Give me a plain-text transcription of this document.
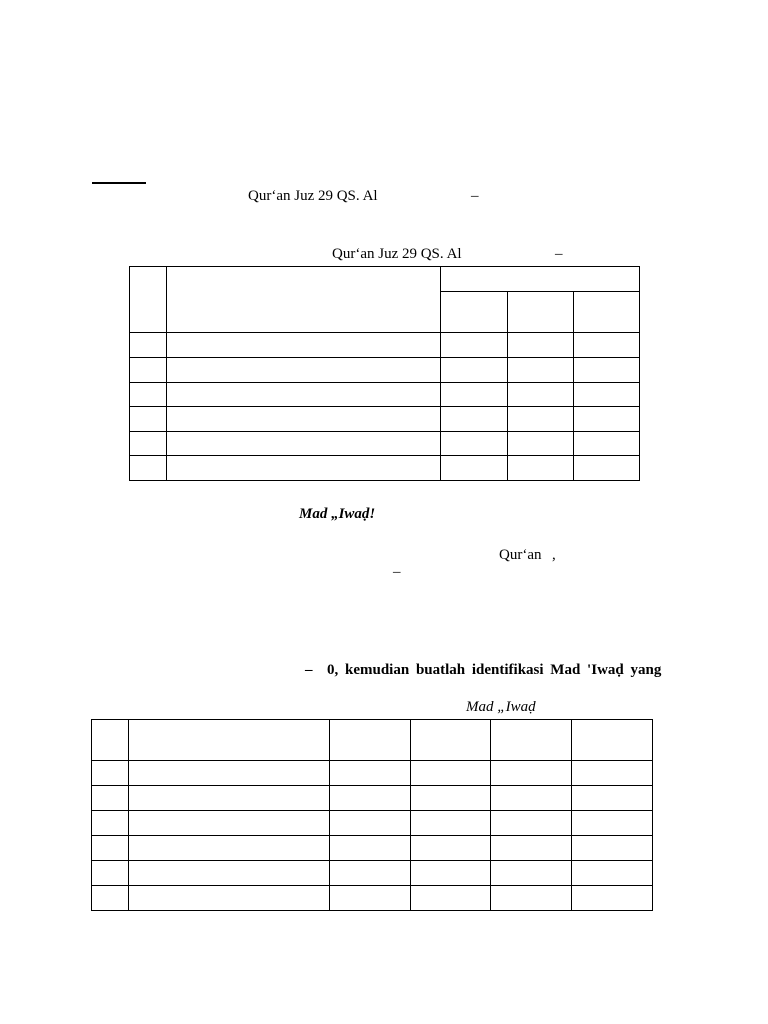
Qur‘an Juz 29 QS. Al	–
Qur‘an Juz 29 QS. Al	–

Mad „Iwaḍ!
Qur‘an ,
–
– 0, kemudian buatlah identifikasi Mad 'Iwaḍ yang
Mad „Iwaḍ
